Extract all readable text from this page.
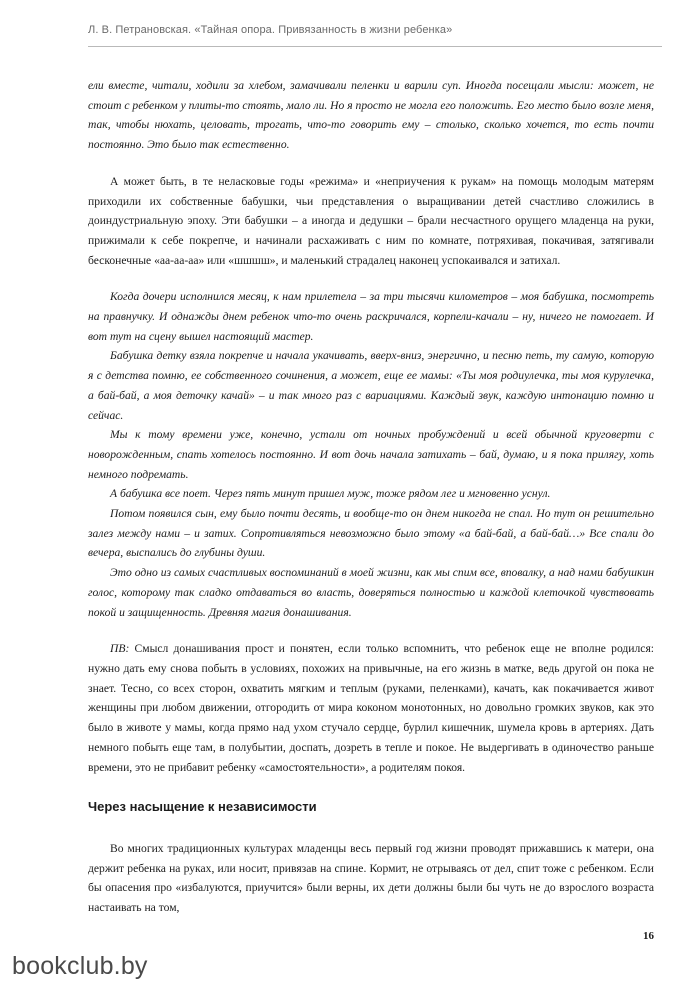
Л. В. Петрановская. «Тайная опора. Привязанность в жизни ребенка»

ели вместе, читали, ходили за хлебом, замачивали пеленки и варили суп. Иногда посещали мысли: может, не стоит с ребенком у плиты-то стоять, мало ли. Но я просто не могла его положить. Его место было возле меня, так, чтобы нюхать, целовать, трогать, что-то говорить ему – столько, сколько хочется, то есть почти постоянно. Это было так естественно.

А может быть, в те неласковые годы «режима» и «неприучения к рукам» на помощь молодым матерям приходили их собственные бабушки, чьи представления о выращивании детей счастливо сложились в доиндустриальную эпоху. Эти бабушки – а иногда и дедушки – брали несчастного орущего младенца на руки, прижимали к себе покрепче, и начинали расхаживать с ним по комнате, потряхивая, покачивая, затягивали бесконечные «аа-аа-аа» или «шшшш», и маленький страдалец наконец успокаивался и затихал.

Когда дочери исполнился месяц, к нам прилетела – за три тысячи километров – моя бабушка, посмотреть на правнучку. И однажды днем ребенок что-то очень раскричался, корпели-качали – ну, ничего не помогает. И вот тут на сцену вышел настоящий мастер.

Бабушка детку взяла покрепче и начала укачивать, вверх-вниз, энергично, и песню петь, ту самую, которую я с детства помню, ее собственного сочинения, а может, еще ее мамы: «Ты моя родиулечка, ты моя курулечка, а бай-бай, а моя деточку качай» – и так много раз с вариациями. Каждый звук, каждую интонацию помню и сейчас.

Мы к тому времени уже, конечно, устали от ночных пробуждений и всей обычной круговерти с новорожденным, спать хотелось постоянно. И вот дочь начала затихать – бай, думаю, и я пока прилягу, хоть немного подремать.

А бабушка все поет. Через пять минут пришел муж, тоже рядом лег и мгновенно уснул.

Потом появился сын, ему было почти десять, и вообще-то он днем никогда не спал. Но тут он решительно залез между нами – и затих. Сопротивляться невозможно было этому «а бай-бай, а бай-бай…» Все спали до вечера, выспались до глубины души.

Это одно из самых счастливых воспоминаний в моей жизни, как мы спим все, вповалку, а над нами бабушкин голос, которому так сладко отдаваться во власть, доверяться полностью и каждой клеточкой чувствовать покой и защищенность. Древняя магия донашивания.

ПВ: Смысл донашивания прост и понятен, если только вспомнить, что ребенок еще не вполне родился: нужно дать ему снова побыть в условиях, похожих на привычные, на его жизнь в матке, ведь другой он пока не знает. Тесно, со всех сторон, охватить мягким и теплым (руками, пеленками), качать, как покачивается живот женщины при любом движении, отгородить от мира коконом монотонных, но довольно громких звуков, как это было в животе у мамы, когда прямо над ухом стучало сердце, бурлил кишечник, шумела кровь в артериях. Дать немного побыть еще там, в полубытии, доспать, дозреть в тепле и покое. Не выдергивать в одиночество раньше времени, это не прибавит ребенку «самостоятельности», а родителям покоя.

Через насыщение к независимости

Во многих традиционных культурах младенцы весь первый год жизни проводят прижавшись к матери, она держит ребенка на руках, или носит, привязав на спине. Кормит, не отрываясь от дел, спит тоже с ребенком. Если бы опасения про «избалуются, приучится» были верны, их дети должны были бы чуть не до взрослого возраста настаивать на том,

16
bookclub.by
